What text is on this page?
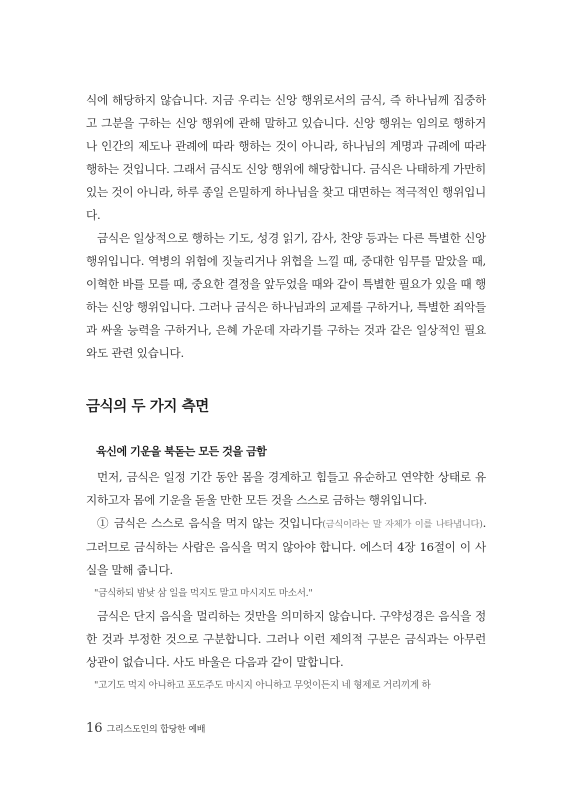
식에 해당하지 않습니다. 지금 우리는 신앙 행위로서의 금식, 즉 하나님께 집중하고 그분을 구하는 신앙 행위에 관해 말하고 있습니다. 신앙 행위는 임의로 행하거나 인간의 제도나 관례에 따라 행하는 것이 아니라, 하나님의 계명과 규례에 따라 행하는 것입니다. 그래서 금식도 신앙 행위에 해당합니다. 금식은 나태하게 가만히 있는 것이 아니라, 하루 종일 은밀하게 하나님을 찾고 대면하는 적극적인 행위입니다.

금식은 일상적으로 행하는 기도, 성경 읽기, 감사, 찬양 등과는 다른 특별한 신앙 행위입니다. 역병의 위험에 짓눌리거나 위협을 느낄 때, 중대한 임무를 맡았을 때, 이혁한 바를 모를 때, 중요한 결정을 앞두었을 때와 같이 특별한 필요가 있을 때 행하는 신앙 행위입니다. 그러나 금식은 하나님과의 교제를 구하거나, 특별한 죄악들과 싸울 능력을 구하거나, 은혜 가운데 자라기를 구하는 것과 같은 일상적인 필요와도 관련 있습니다.

금식의 두 가지 측면
육신에 기운을 북돋는 모든 것을 금함

먼저, 금식은 일정 기간 동안 몸을 경계하고 힘들고 유순하고 연약한 상태로 유지하고자 몸에 기운을 돋울 만한 모든 것을 스스로 금하는 행위입니다.

① 금식은 스스로 음식을 먹지 않는 것입니다(금식이라는 말 자체가 이를 나타냅니다). 그러므로 금식하는 사람은 음식을 먹지 않아야 합니다. 에스더 4장 16절이 이 사실을 말해 줍니다.

"금식하되 밤낮 삼 일을 먹지도 말고 마시지도 마소서."

금식은 단지 음식을 멀리하는 것만을 의미하지 않습니다. 구약성경은 음식을 정한 것과 부정한 것으로 구분합니다. 그러나 이런 제의적 구분은 금식과는 아무런 상관이 없습니다. 사도 바울은 다음과 같이 말합니다.

"고기도 먹지 아니하고 포도주도 마시지 아니하고 무엇이든지 네 형제로 거리끼게 하

16 그리스도인의 합당한 예배
